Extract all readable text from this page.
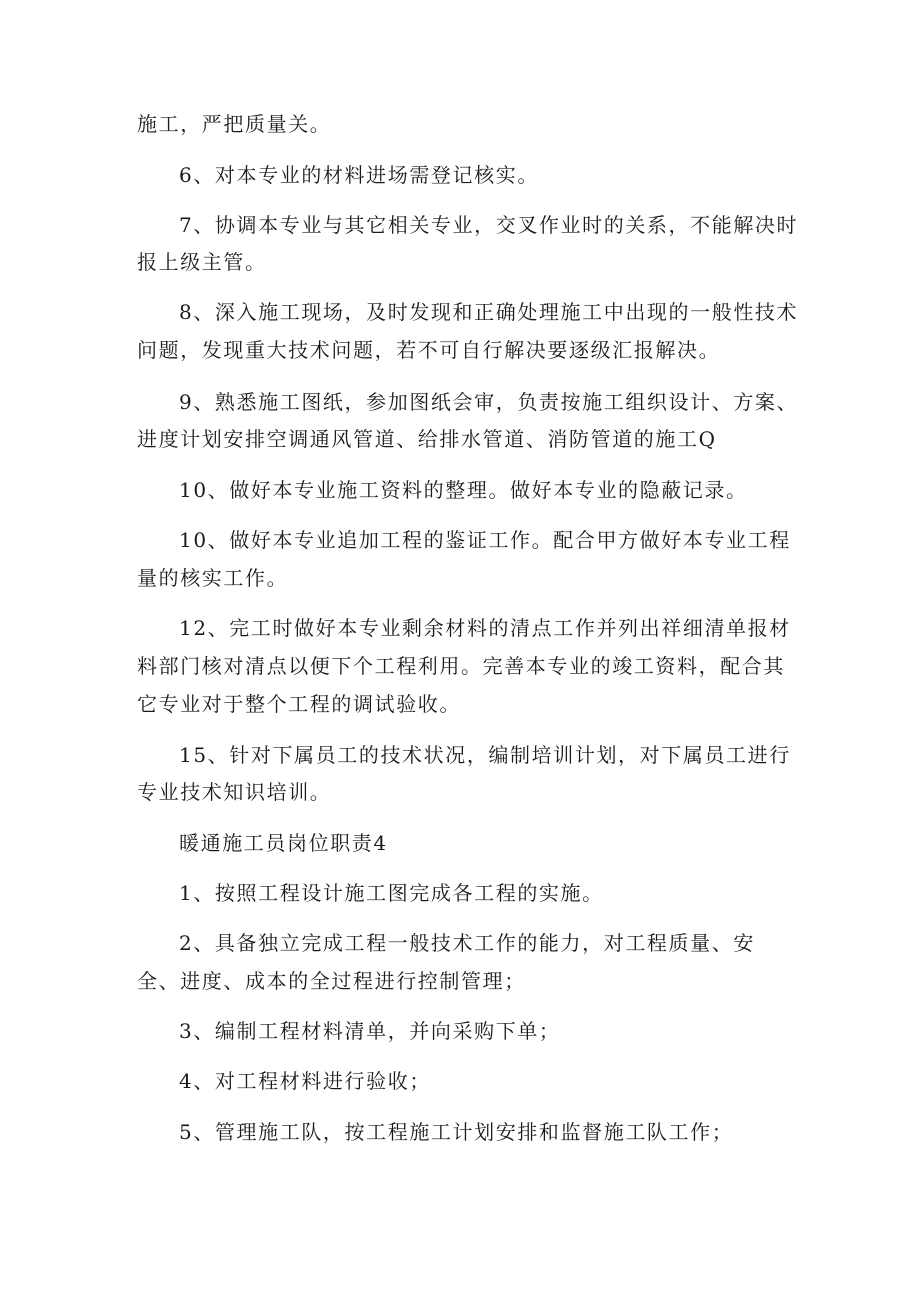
施工，严把质量关。
6、对本专业的材料进场需登记核实。
7、协调本专业与其它相关专业，交叉作业时的关系，不能解决时
报上级主管。
8、深入施工现场，及时发现和正确处理施工中出现的一般性技术
问题，发现重大技术问题，若不可自行解决要逐级汇报解决。
9、熟悉施工图纸，参加图纸会审，负责按施工组织设计、方案、
进度计划安排空调通风管道、给排水管道、消防管道的施工Q
10、做好本专业施工资料的整理。做好本专业的隐蔽记录。
10、做好本专业追加工程的鉴证工作。配合甲方做好本专业工程
量的核实工作。
12、完工时做好本专业剩余材料的清点工作并列出祥细清单报材
料部门核对清点以便下个工程利用。完善本专业的竣工资料，配合其
它专业对于整个工程的调试验收。
15、针对下属员工的技术状况，编制培训计划，对下属员工进行
专业技术知识培训。
暖通施工员岗位职责4
1、按照工程设计施工图完成各工程的实施。
2、具备独立完成工程一般技术工作的能力，对工程质量、安
全、进度、成本的全过程进行控制管理；
3、编制工程材料清单，并向采购下单；
4、对工程材料进行验收；
5、管理施工队，按工程施工计划安排和监督施工队工作；
